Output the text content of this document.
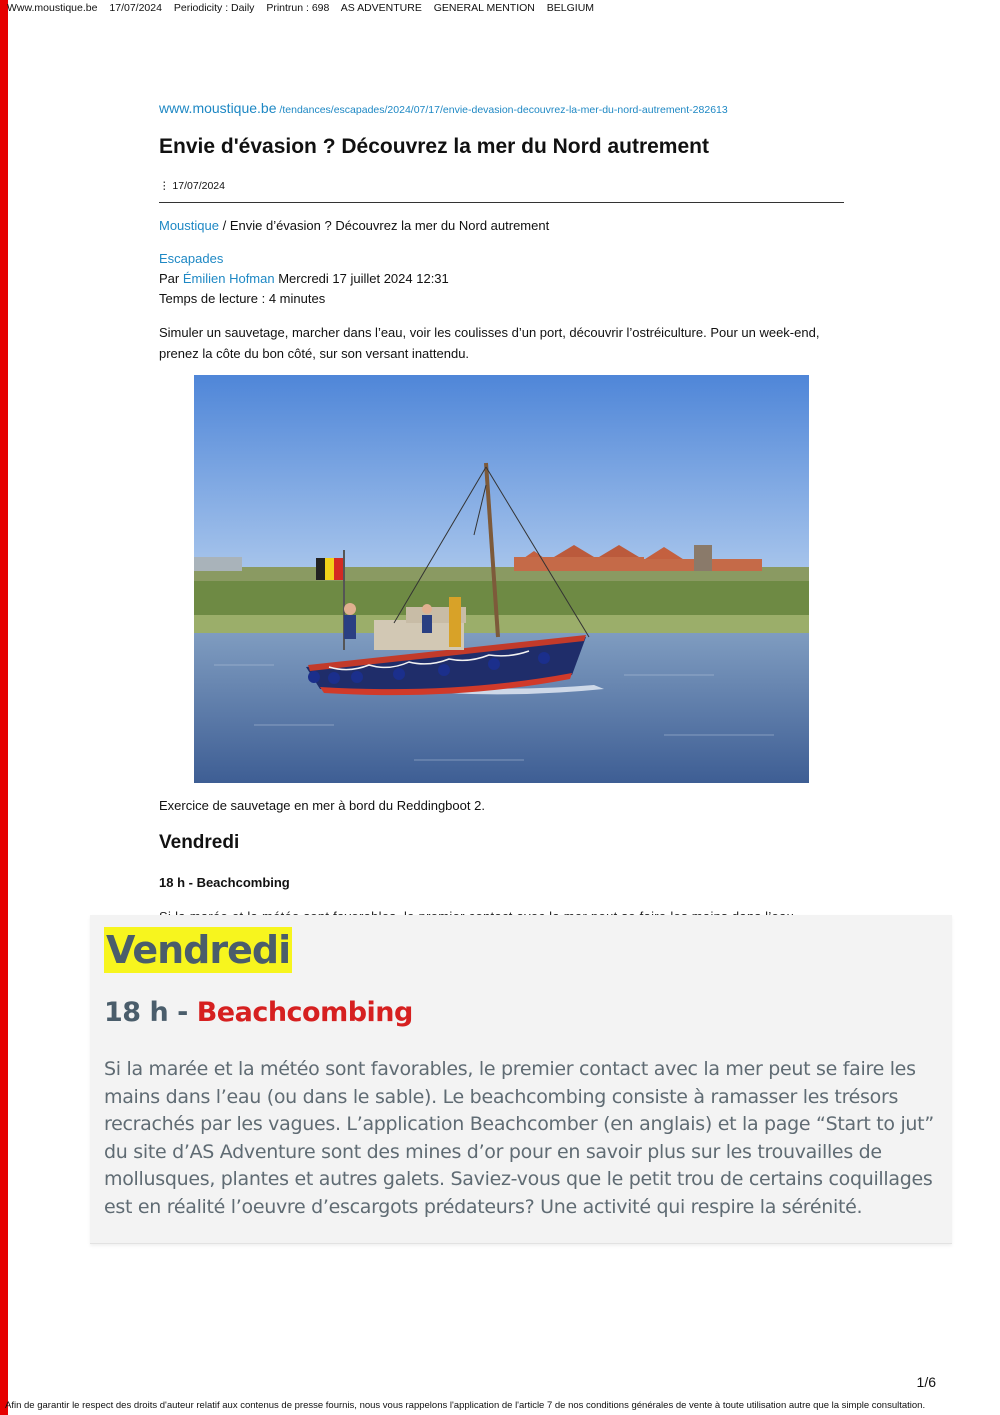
Www.moustique.be 17/07/2024 Periodicity : Daily Printrun : 698 AS ADVENTURE GENERAL MENTION BELGIUM
www.moustique.be /tendances/escapades/2024/07/17/envie-devasion-decouvrez-la-mer-du-nord-autrement-282613
Envie d'évasion ? Découvrez la mer du Nord autrement
⋮ 17/07/2024
Moustique / Envie d’évasion ? Découvrez la mer du Nord autrement
Escapades
Par Émilien Hofman Mercredi 17 juillet 2024 12:31
Temps de lecture : 4 minutes

Simuler un sauvetage, marcher dans l’eau, voir les coulisses d’un port, découvrir l’ostréiculture. Pour un week-end, prenez la côte du bon côté, sur son versant inattendu.

Exercice de sauvetage en mer à bord du Reddingboot 2.
Vendredi
18 h - Beachcombing
Vendredi
18 h - Beachcombing

Si la marée et la météo sont favorables, le premier contact avec la mer peut se faire les mains dans l’eau (ou dans le sable). Le beachcombing consiste à ramasser les trésors recrachés par les vagues. L’application Beachcomber (en anglais) et la page “Start to jut” du site d’AS Adventure sont des mines d’or pour en savoir plus sur les trouvailles de mollusques, plantes et autres galets. Saviez-vous que le petit trou de certains coquillages est en réalité l’oeuvre d’escargots prédateurs? Une activité qui respire la sérénité.

1/6
Afin de garantir le respect des droits d'auteur relatif aux contenus de presse fournis, nous vous rappelons l'application de l'article 7 de nos conditions générales de vente à toute utilisation autre que la simple consultation.
